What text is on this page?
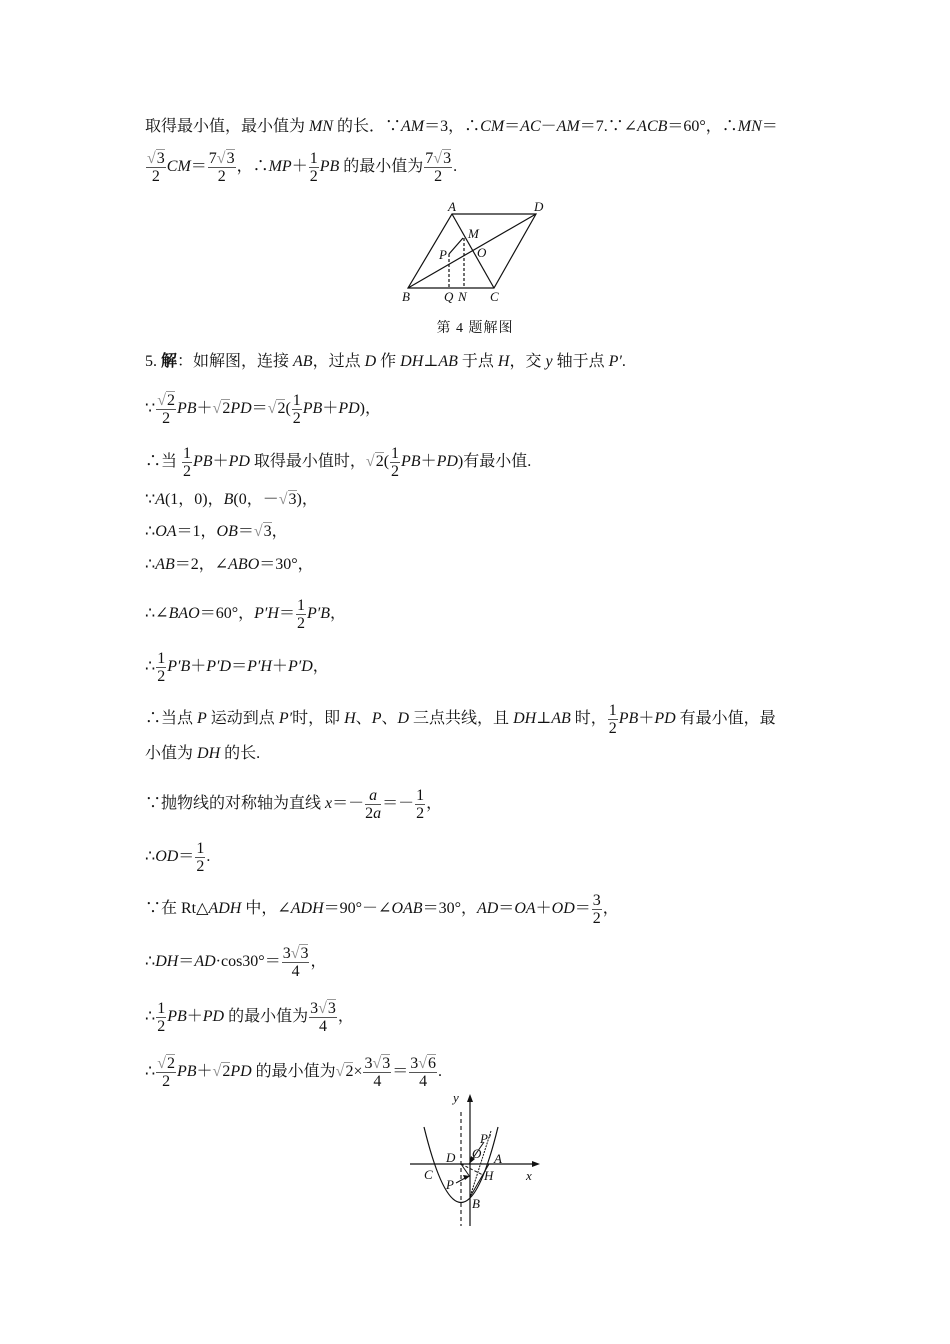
取得最小值，最小值为 MN 的长．∵AM＝3，∴CM＝AC－AM＝7.∵∠ACB＝60°，∴MN＝
$\frac{√3}{2} CM= \frac{7√3}{2}$ ，∴MP＋ $\frac{1}{2}$ PB 的最小值为 $\frac{7√3}{2}$ .
A	D
M
O
P
B	Q N C
第 4 题解图
5. 解：如解图，连接 AB，过点 D 作 DH⊥AB 于点 H，交 y 轴于点 P′.
∵ $\frac{√2}{2} PB+√2PD=√2( \frac{1}{2} PB+PD)$，
∴当 $\frac{1}{2} PB+PD$ 取得最小值时，$√2( \frac{1}{2} PB+PD)$有最小值.
∵A(1，0)，B(0，－√3)，
∴OA＝1，OB＝√3，
∴AB＝2，∠ABO＝30°，
∴∠BAO＝60°，$P'H= \frac{1}{2} P'B$，
∴ $\frac{1}{2} P'B+P'D=P'H+P'D$，
∴当点 P 运动到点 P′时，即 H、P、D 三点共线，且 DH⊥AB 时， $\frac{1}{2} PB+PD$ 有最小值，最
小值为 DH 的长.
∵抛物线的对称轴为直线 $x=- \frac{a}{2a} =- \frac{1}{2}$ ，
∴OD＝ $\frac{1}{2}$ .
∵在 Rt△ADH 中，∠ADH＝90°－∠OAB＝30°，$AD=OA+OD= \frac{3}{2}$ ，
∴DH＝AD·cos30°＝ $\frac{3√3}{4}$ ，
∴ $\frac{1}{2} PB+PD$ 的最小值为 $\frac{3√3}{4}$ ，
∴ $\frac{√2}{2} PB+√2PD$ 的最小值为$√2\times \frac{3√3}{4} = \frac{3√6}{4}$ .
y
x
P′
O
D	A
C	H
P
B
